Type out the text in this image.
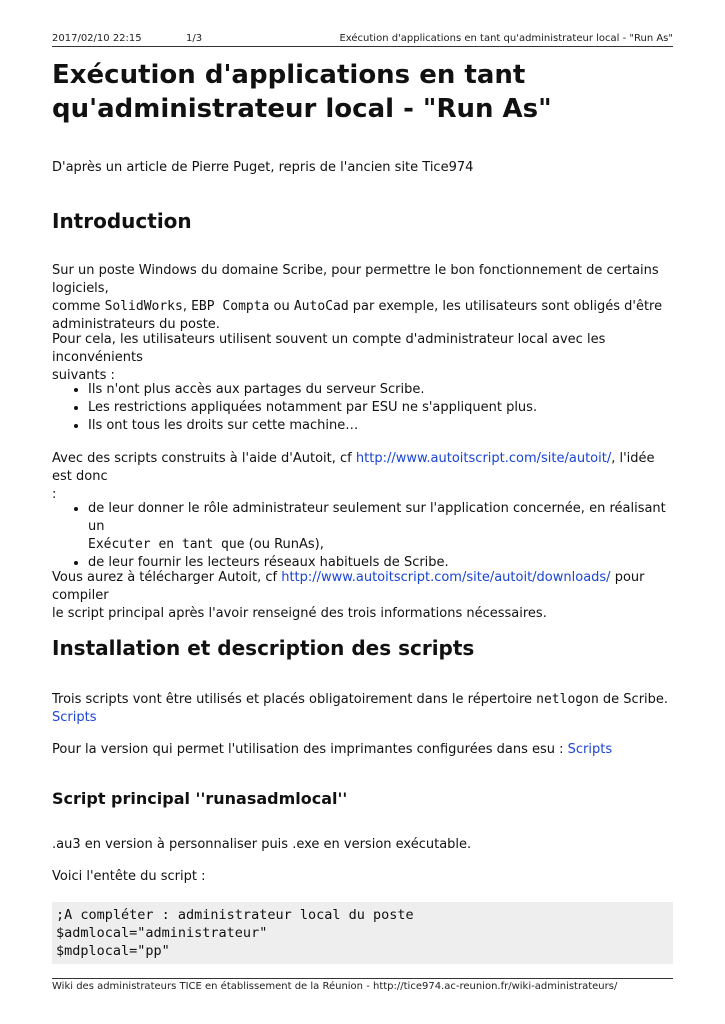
2017/02/10 22:15	1/3	Exécution d'applications en tant qu'administrateur local - "Run As"
Exécution d'applications en tant
qu'administrateur local - "Run As"

D'après un article de Pierre Puget, repris de l'ancien site Tice974

Introduction

Sur un poste Windows du domaine Scribe, pour permettre le bon fonctionnement de certains logiciels,
comme SolidWorks, EBP Compta ou AutoCad par exemple, les utilisateurs sont obligés d'être
administrateurs du poste.

Pour cela, les utilisateurs utilisent souvent un compte d'administrateur local avec les inconvénients
suivants :

• Ils n'ont plus accès aux partages du serveur Scribe.
• Les restrictions appliquées notamment par ESU ne s'appliquent plus.
• Ils ont tous les droits sur cette machine…

Avec des scripts construits à l'aide d'Autoit, cf http://www.autoitscript.com/site/autoit/, l'idée est donc
:

• de leur donner le rôle administrateur seulement sur l'application concernée, en réalisant un
Exécuter en tant que (ou RunAs),
• de leur fournir les lecteurs réseaux habituels de Scribe.

Vous aurez à télécharger Autoit, cf http://www.autoitscript.com/site/autoit/downloads/ pour compiler
le script principal après l'avoir renseigné des trois informations nécessaires.

Installation et description des scripts

Trois scripts vont être utilisés et placés obligatoirement dans le répertoire netlogon de Scribe.
Scripts

Pour la version qui permet l'utilisation des imprimantes configurées dans esu : Scripts

Script principal ''runasadmlocal''

.au3 en version à personnaliser puis .exe en version exécutable.

Voici l'entête du script :

;A compléter : administrateur local du poste
$admlocal="administrateur"
$mdplocal="pp"

Wiki des administrateurs TICE en établissement de la Réunion - http://tice974.ac-reunion.fr/wiki-administrateurs/
